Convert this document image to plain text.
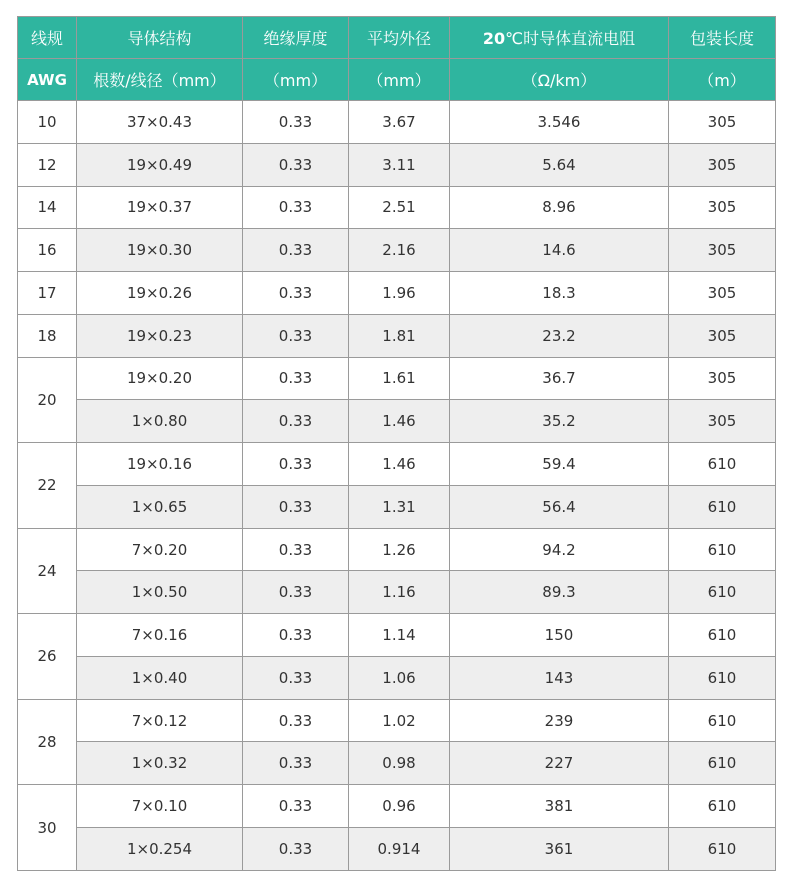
线规	导体结构	绝缘厚度	平均外径	20℃时导体直流电阻	包装长度
AWG	根数/线径（mm）	（mm）	（mm）	（Ω/km）	（m）
10	37×0.43	0.33	3.67	3.546	305
12	19×0.49	0.33	3.11	5.64	305
14	19×0.37	0.33	2.51	8.96	305
16	19×0.30	0.33	2.16	14.6	305
17	19×0.26	0.33	1.96	18.3	305
18	19×0.23	0.33	1.81	23.2	305
20	19×0.20	0.33	1.61	36.7	305
	1×0.80	0.33	1.46	35.2	305
22	19×0.16	0.33	1.46	59.4	610
	1×0.65	0.33	1.31	56.4	610
24	7×0.20	0.33	1.26	94.2	610
	1×0.50	0.33	1.16	89.3	610
26	7×0.16	0.33	1.14	150	610
	1×0.40	0.33	1.06	143	610
28	7×0.12	0.33	1.02	239	610
	1×0.32	0.33	0.98	227	610
30	7×0.10	0.33	0.96	381	610
	1×0.254	0.33	0.914	361	610
